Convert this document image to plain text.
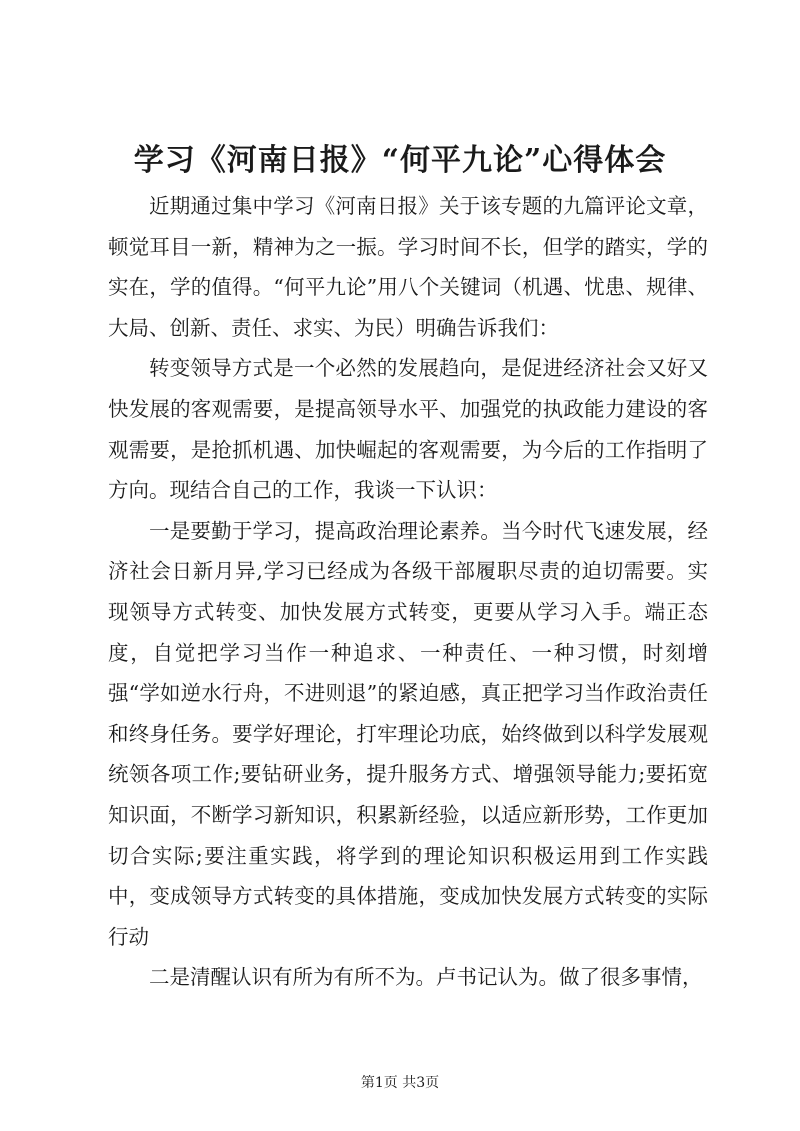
学习《河南日报》“何平九论”心得体会

近期通过集中学习《河南日报》关于该专题的九篇评论文章，顿觉耳目一新，精神为之一振。学习时间不长，但学的踏实，学的实在，学的值得。“何平九论”用八个关键词（机遇、忧患、规律、大局、创新、责任、求实、为民）明确告诉我们：

转变领导方式是一个必然的发展趋向，是促进经济社会又好又快发展的客观需要，是提高领导水平、加强党的执政能力建设的客观需要，是抢抓机遇、加快崛起的客观需要，为今后的工作指明了方向。现结合自己的工作，我谈一下认识：

一是要勤于学习，提高政治理论素养。当今时代飞速发展，经济社会日新月异,学习已经成为各级干部履职尽责的迫切需要。实现领导方式转变、加快发展方式转变，更要从学习入手。端正态度，自觉把学习当作一种追求、一种责任、一种习惯，时刻增强“学如逆水行舟，不进则退”的紧迫感，真正把学习当作政治责任和终身任务。要学好理论，打牢理论功底，始终做到以科学发展观统领各项工作;要钻研业务，提升服务方式、增强领导能力;要拓宽知识面，不断学习新知识，积累新经验，以适应新形势，工作更加切合实际;要注重实践，将学到的理论知识积极运用到工作实践中，变成领导方式转变的具体措施，变成加快发展方式转变的实际行动

二是清醒认识有所为有所不为。卢书记认为。做了很多事情，

第1页 共3页
